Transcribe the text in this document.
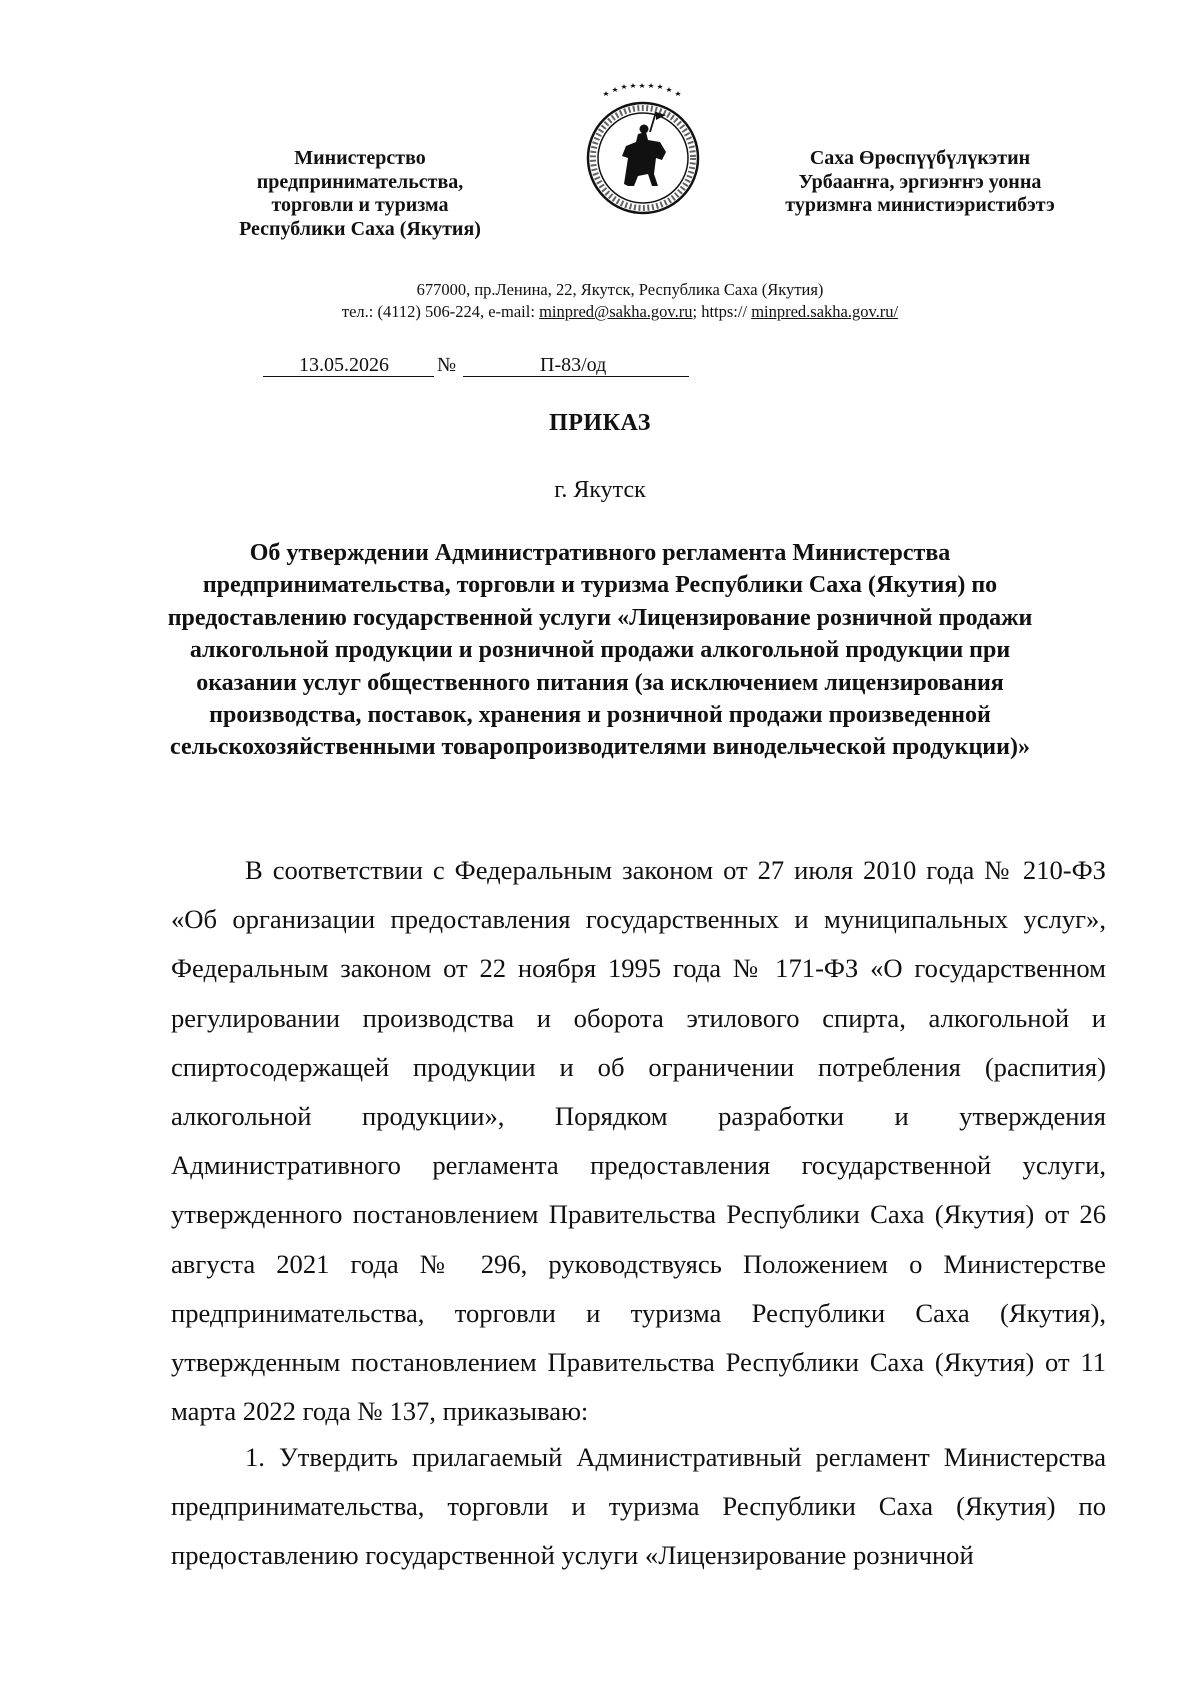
Министерство
предпринимательства,
торговли и туризма
Республики Саха (Якутия)
Саха Өрөспүүбүлүкэтин
Урбааҥҥа, эргиэҥҥэ уонна
туризмҥа министиэристибэтэ
677000, пр.Ленина, 22, Якутск, Республика Саха (Якутия)
тел.: (4112) 506-224, e-mail: minpred@sakha.gov.ru; https:// minpred.sakha.gov.ru/
13.05.2026 №	П-83/од
ПРИКАЗ
г. Якутск
Об утверждении Административного регламента Министерства предпринимательства, торговли и туризма Республики Саха (Якутия) по предоставлению государственной услуги «Лицензирование розничной продажи алкогольной продукции и розничной продажи алкогольной продукции при оказании услуг общественного питания (за исключением лицензирования производства, поставок, хранения и розничной продажи произведенной сельскохозяйственными товаропроизводителями винодельческой продукции)»
В соответствии с Федеральным законом от 27 июля 2010 года № 210-ФЗ «Об организации предоставления государственных и муниципальных услуг», Федеральным законом от 22 ноября 1995 года № 171-ФЗ «О государственном регулировании производства и оборота этилового спирта, алкогольной и спиртосодержащей продукции и об ограничении потребления (распития) алкогольной продукции», Порядком разработки и утверждения Административного регламента предоставления государственной услуги, утвержденного постановлением Правительства Республики Саха (Якутия) от 26 августа 2021 года № 296, руководствуясь Положением о Министерстве предпринимательства, торговли и туризма Республики Саха (Якутия), утвержденным постановлением Правительства Республики Саха (Якутия) от 11 марта 2022 года № 137, приказываю:
1. Утвердить прилагаемый Административный регламент Министерства предпринимательства, торговли и туризма Республики Саха (Якутия) по предоставлению государственной услуги «Лицензирование розничной
